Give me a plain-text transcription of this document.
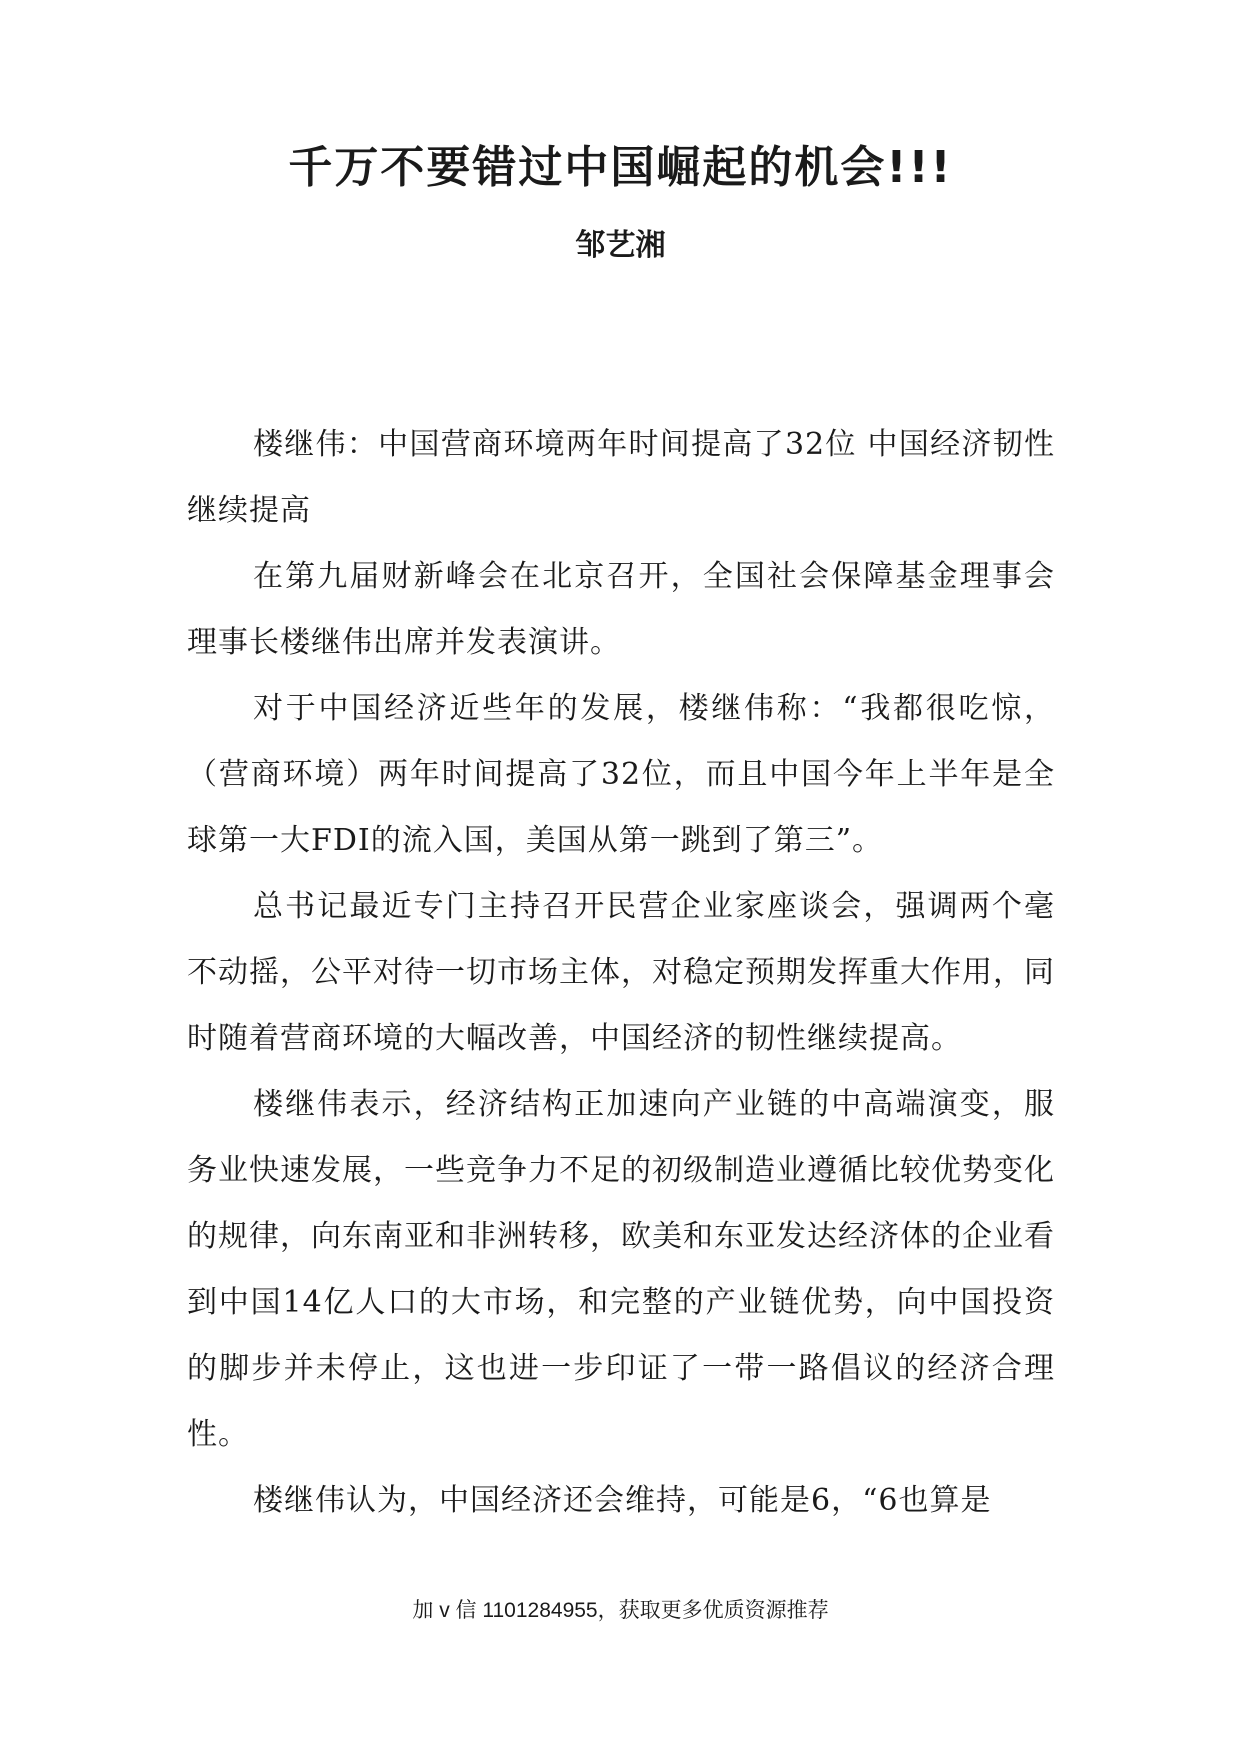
千万不要错过中国崛起的机会!!!
邹艺湘

楼继伟：中国营商环境两年时间提高了32位 中国经济韧性继续提高

在第九届财新峰会在北京召开，全国社会保障基金理事会理事长楼继伟出席并发表演讲。

对于中国经济近些年的发展，楼继伟称：“我都很吃惊，（营商环境）两年时间提高了32位，而且中国今年上半年是全球第一大FDI的流入国，美国从第一跳到了第三”。

总书记最近专门主持召开民营企业家座谈会，强调两个毫不动摇，公平对待一切市场主体，对稳定预期发挥重大作用，同时随着营商环境的大幅改善，中国经济的韧性继续提高。

楼继伟表示，经济结构正加速向产业链的中高端演变，服务业快速发展，一些竞争力不足的初级制造业遵循比较优势变化的规律，向东南亚和非洲转移，欧美和东亚发达经济体的企业看到中国14亿人口的大市场，和完整的产业链优势，向中国投资的脚步并未停止，这也进一步印证了一带一路倡议的经济合理性。

楼继伟认为，中国经济还会维持，可能是6，“6也算是

加 v 信 1101284955，获取更多优质资源推荐
